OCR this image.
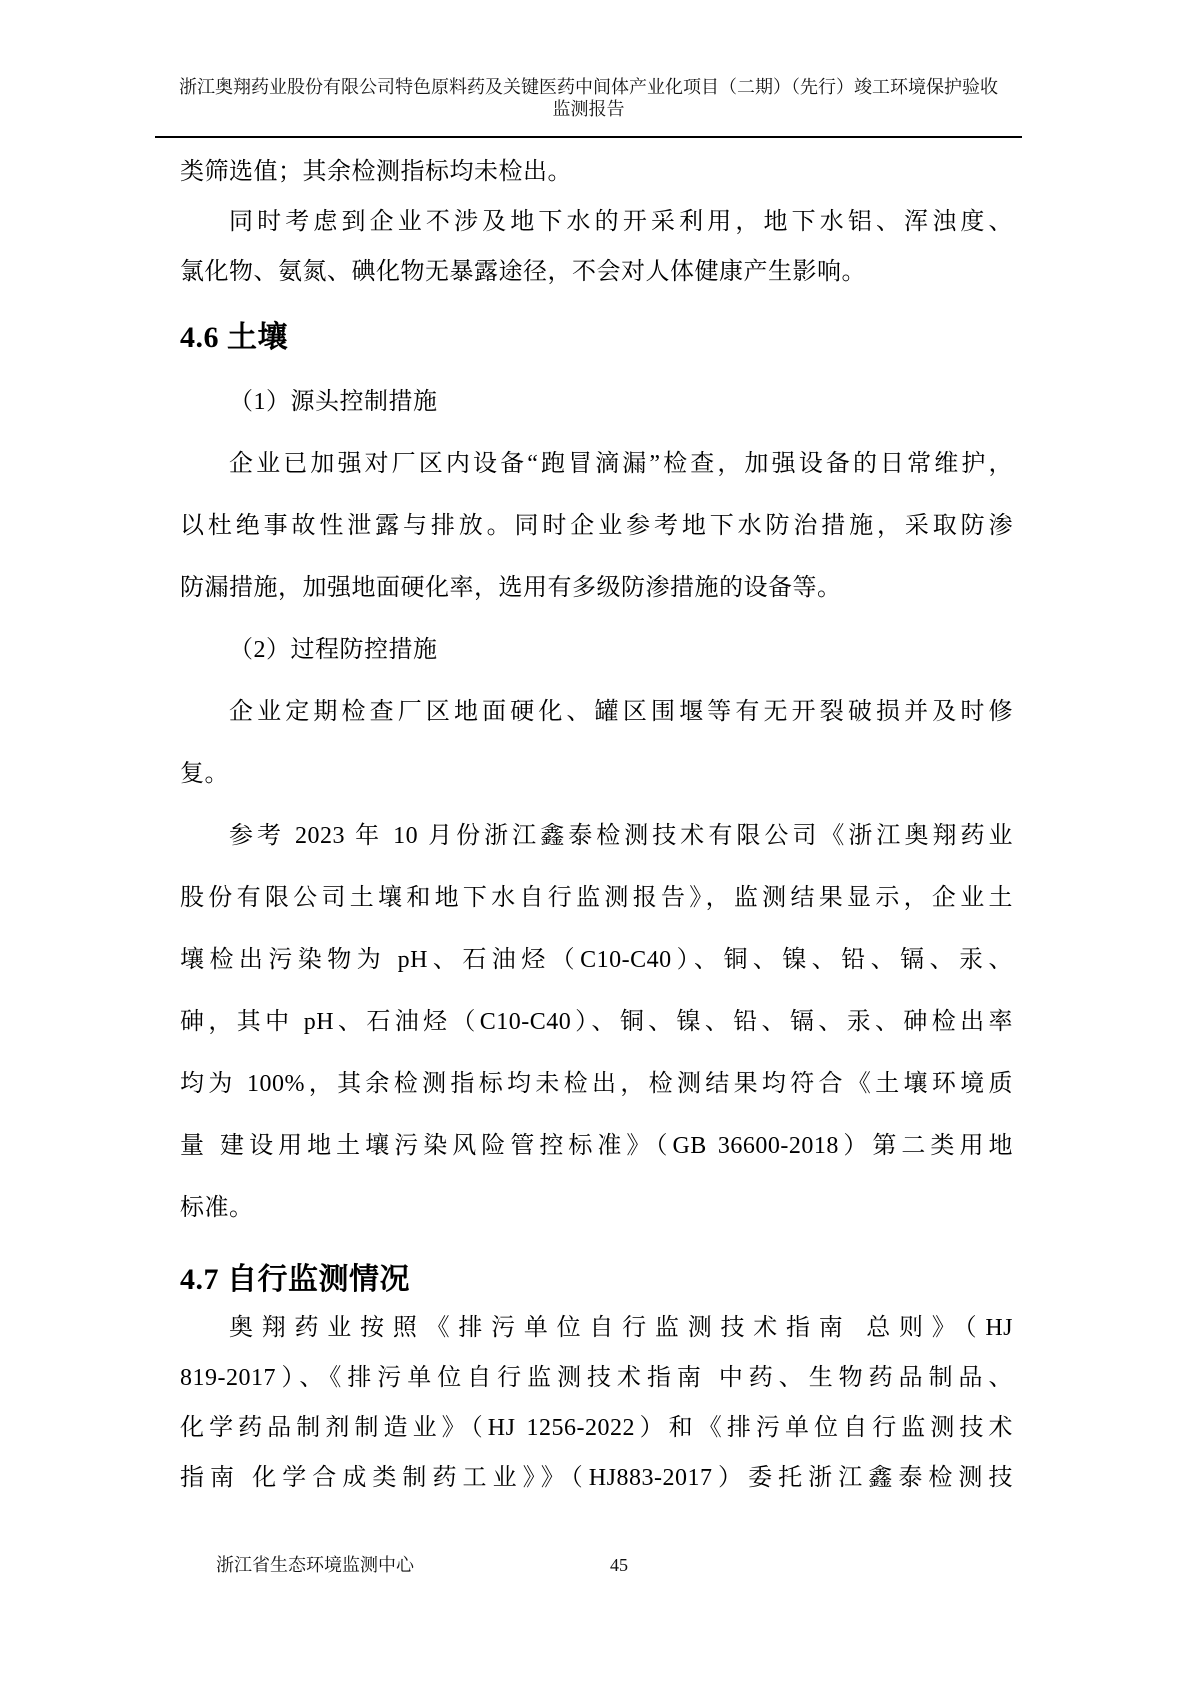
浙江奥翔药业股份有限公司特色原料药及关键医药中间体产业化项目（二期）（先行）竣工环境保护验收
监测报告
类筛选值；其余检测指标均未检出。
同时考虑到企业不涉及地下水的开采利用，地下水铝、浑浊度、
氯化物、氨氮、碘化物无暴露途径，不会对人体健康产生影响。
4.6 土壤
（1）源头控制措施
企业已加强对厂区内设备“跑冒滴漏”检查，加强设备的日常维护，
以杜绝事故性泄露与排放。同时企业参考地下水防治措施，采取防渗
防漏措施，加强地面硬化率，选用有多级防渗措施的设备等。
（2）过程防控措施
企业定期检查厂区地面硬化、罐区围堰等有无开裂破损并及时修
复。
参考 2023 年 10 月份浙江鑫泰检测技术有限公司《浙江奥翔药业
股份有限公司土壤和地下水自行监测报告》，监测结果显示，企业土
壤检出污染物为 pH、石油烃（C10-C40）、铜、镍、铅、镉、汞、
砷，其中 pH、石油烃（C10-C40）、铜、镍、铅、镉、汞、砷检出率
均为 100%，其余检测指标均未检出，检测结果均符合《土壤环境质
量 建设用地土壤污染风险管控标准》（GB 36600-2018）第二类用地
标准。
4.7 自行监测情况
奥翔药业按照《排污单位自行监测技术指南 总则》（HJ
819-2017）、《排污单位自行监测技术指南 中药、生物药品制品、
化学药品制剂制造业》（HJ 1256-2022）和《排污单位自行监测技术
指南 化学合成类制药工业》》（HJ883-2017）委托浙江鑫泰检测技
浙江省生态环境监测中心	45
